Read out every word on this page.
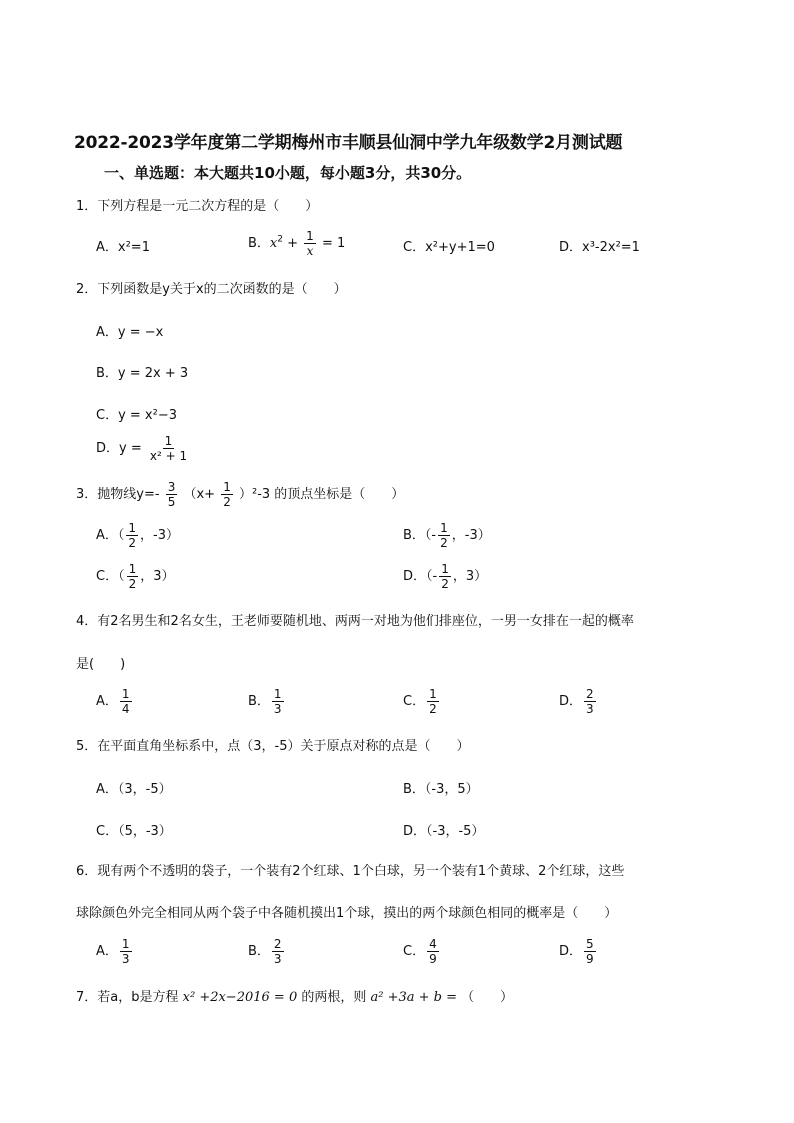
2022-2023学年度第二学期梅州市丰顺县仙洞中学九年级数学2月测试题
一、单选题：本大题共10小题，每小题3分，共30分。
1．下列方程是一元二次方程的是（　　）
A．x²=1	B．$x^2 + \frac{1}{x} = 1$	C．x²+y+1=0	D．x³-2x²=1
2．下列函数是y关于x的二次函数的是（　　）
A．y = −x
B．y = 2x + 3
C．y = x²−3
D．$y = \frac{1}{\text{x² + 1}}$
3．抛物线$y=- \frac{3}{5} (x+ \frac{1}{2} )^2-3$ 的顶点坐标是（　　）
A．（ $\frac{1}{2}$ ，-3）	B．（- $\frac{1}{2}$ ，-3）
C．（ $\frac{1}{2}$ ，3）	D．（- $\frac{1}{2}$ ，3）
4．有2名男生和2名女生，王老师要随机地、两两一对地为他们排座位，一男一女排在一起的概率
是(　　)
A． $\frac{1}{4}$	B． $\frac{1}{3}$	C． $\frac{1}{2}$	D． $\frac{2}{3}$
5．在平面直角坐标系中，点（3，-5）关于原点对称的点是（　　）
A．（3，-5）	B．（-3，5）
C．（5，-3）	D．（-3，-5）
6．现有两个不透明的袋子，一个装有2个红球、1个白球，另一个装有1个黄球、2个红球，这些
球除颜色外完全相同从两个袋子中各随机摸出1个球，摸出的两个球颜色相同的概率是（　　）
A． $\frac{1}{3}$	B． $\frac{2}{3}$	C． $\frac{4}{9}$	D． $\frac{5}{9}$
7．若a，b是方程 x² +2x−2016 = 0 的两根，则 a² +3a + b = （　　）
